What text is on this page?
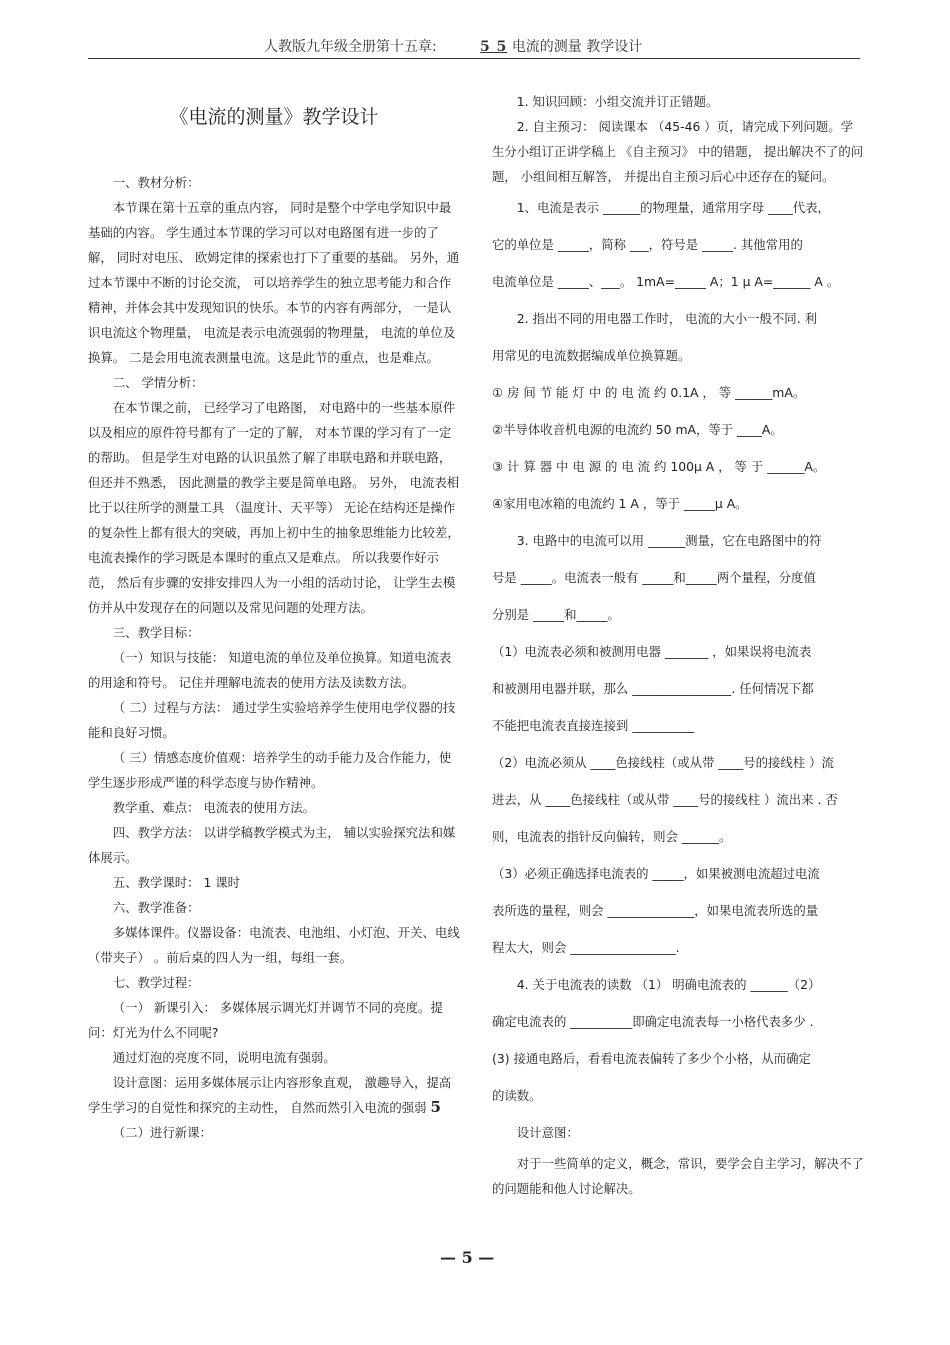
人教版九年级全册第十五章:	5 5 电流的测量 教学设计
《电流的测量》教学设计

一、教材分析：

本节课在第十五章的重点内容， 同时是整个中学电学知识中最基础的内容。 学生通过本节课的学习可以对电路图有进一步的了解， 同时对电压、 欧姆定律的探索也打下了重要的基础。 另外，通过本节课中不断的讨论交流， 可以培养学生的独立思考能力和合作精神，并体会其中发现知识的快乐。本节的内容有两部分， 一是认识电流这个物理量， 电流是表示电流强弱的物理量， 电流的单位及换算。 二是会用电流表测量电流。这是此节的重点，也是难点。

二、 学情分析：

在本节课之前， 已经学习了电路图， 对电路中的一些基本原件以及相应的原件符号都有了一定的了解， 对本节课的学习有了一定的帮助。 但是学生对电路的认识虽然了解了串联电路和并联电路， 但还并不熟悉， 因此测量的教学主要是简单电路。 另外， 电流表相比于以往所学的测量工具 （温度计、天平等） 无论在结构还是操作的复杂性上都有很大的突破，再加上初中生的抽象思维能力比较差， 电流表操作的学习既是本课时的重点又是难点。 所以我要作好示范， 然后有步骤的安排安排四人为一小组的活动讨论， 让学生去模仿并从中发现存在的问题以及常见问题的处理方法。

三、教学目标：

（一）知识与技能： 知道电流的单位及单位换算。知道电流表的用途和符号。 记住并理解电流表的使用方法及读数方法。

（ 二）过程与方法： 通过学生实验培养学生使用电学仪器的技能和良好习惯。

（ 三）情感态度价值观：培养学生的动手能力及合作能力，使学生逐步形成严谨的科学态度与协作精神。

教学重、难点： 电流表的使用方法。

四、教学方法： 以讲学稿教学模式为主， 辅以实验探究法和媒体展示。

五、教学课时： 1 课时

六、教学准备：

多媒体课件。仪器设备：电流表、电池组、小灯泡、开关、电线（带夹子） 。前后桌的四人为一组，每组一套。

七、教学过程：

（一） 新课引入： 多媒体展示调光灯并调节不同的亮度。提问：灯光为什么不同呢?

通过灯泡的亮度不同，说明电流有强弱。

设计意图：运用多媒体展示让内容形象直观， 激趣导入，提高学生学习的自觉性和探究的主动性， 自然而然引入电流的强弱 5

（二）进行新课：

1. 知识回顾：小组交流并订正错题。

2. 自主预习： 阅读课本 （45-46 ）页，请完成下列问题。学生分小组订正讲学稿上 《自主预习》 中的错题， 提出解决不了的问题， 小组间相互解答， 并提出自主预习后心中还存在的疑问。

1、电流是表示 ______的物理量，通常用字母 ____代表，

它的单位是 _____，简称 ___，符号是 _____. 其他常用的

电流单位是 _____、___。 1mA=_____ A；1 μ A=______ A 。

2. 指出不同的用电器工作时， 电流的大小一般不同. 利

用常见的电流数据编成单位换算题。

① 房 间 节 能 灯 中 的 电 流 约 0.1A ， 等 ______mA。

②半导体收音机电源的电流约 50 mA，等于 ____A。

③ 计 算 器 中 电 源 的 电 流 约 100μ A ， 等 于 ______A。

④家用电冰箱的电流约 1 A ，等于 _____μ A。

3. 电路中的电流可以用 ______测量，它在电路图中的符

号是 _____。电流表一般有 _____和_____两个量程，分度值

分别是 _____和_____。

（1）电流表必须和被测用电器 _______ ，如果误将电流表

和被测用电器并联，那么 ________________. 任何情况下都

不能把电流表直接连接到 __________

（2）电流必须从 ____色接线柱（或从带 ____号的接线柱 ）流

进去，从 ____色接线柱（或从带 ____号的接线柱 ）流出来 . 否

则，电流表的指针反向偏转，则会 ______。

（3）必须正确选择电流表的 _____，如果被测电流超过电流

表所选的量程，则会 ______________，如果电流表所选的量

程太大，则会 _________________.

4. 关于电流表的读数 （1） 明确电流表的 ______（2）

确定电流表的 __________即确定电流表每一小格代表多少 .

(3) 接通电路后，看看电流表偏转了多少个小格，从而确定

的读数。

设计意图：

对于一些简单的定义，概念，常识，要学会自主学习，解决不了的问题能和他人讨论解决。

— 5 —
